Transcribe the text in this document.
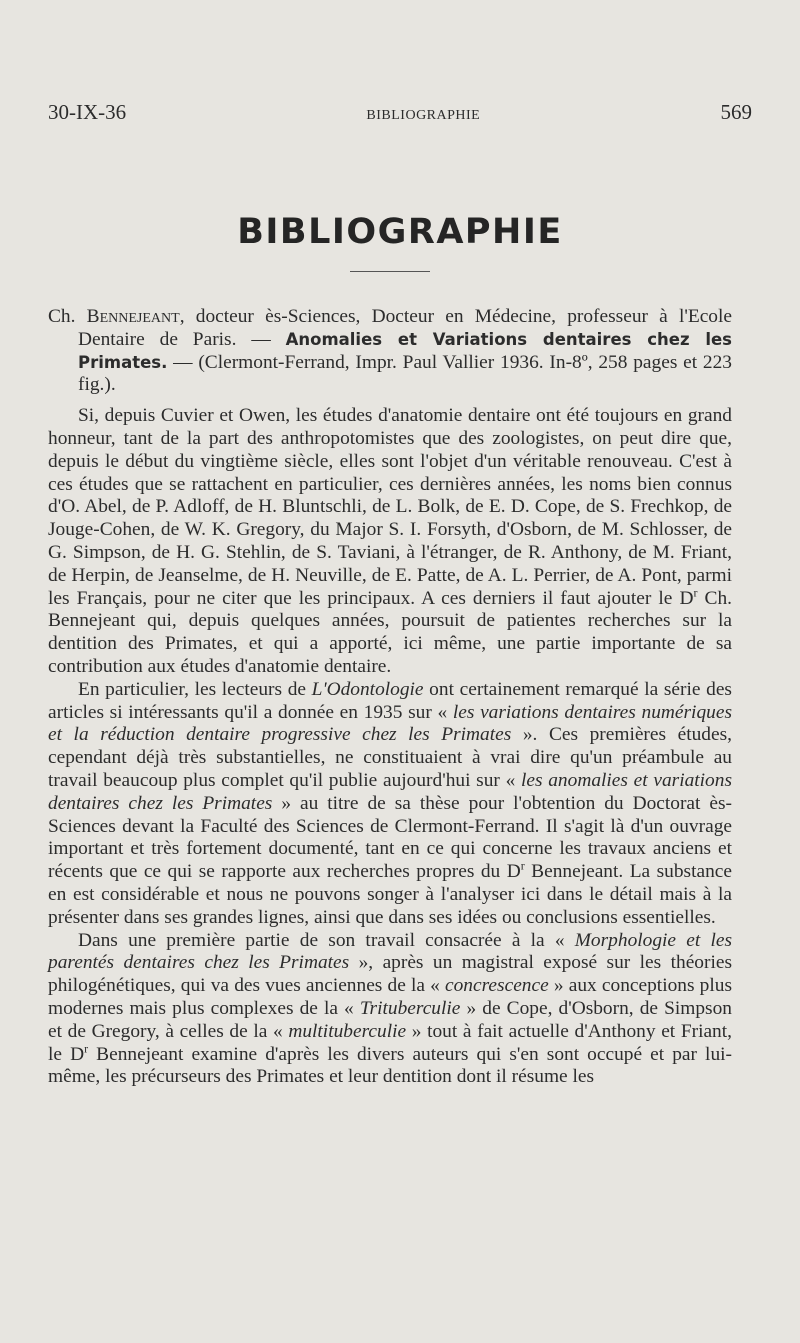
30-IX-36	BIBLIOGRAPHIE	569
BIBLIOGRAPHIE

Ch. Bennejeant, docteur ès-Sciences, Docteur en Médecine, professeur à l'Ecole Dentaire de Paris. — Anomalies et Variations dentaires chez les Primates. — (Clermont-Ferrand, Impr. Paul Vallier 1936. In-8º, 258 pages et 223 fig.).

Si, depuis Cuvier et Owen, les études d'anatomie dentaire ont été toujours en grand honneur, tant de la part des anthropotomistes que des zoologistes, on peut dire que, depuis le début du vingtième siècle, elles sont l'objet d'un véritable renouveau. C'est à ces études que se rattachent en particulier, ces dernières années, les noms bien connus d'O. Abel, de P. Adloff, de H. Bluntschli, de L. Bolk, de E. D. Cope, de S. Frechkop, de Jouge-Cohen, de W. K. Gregory, du Major S. I. Forsyth, d'Osborn, de M. Schlosser, de G. Simpson, de H. G. Stehlin, de S. Taviani, à l'étranger, de R. Anthony, de M. Friant, de Herpin, de Jeanselme, de H. Neuville, de E. Patte, de A. L. Perrier, de A. Pont, parmi les Français, pour ne citer que les principaux. A ces derniers il faut ajouter le $D^r$ Ch. Bennejeant qui, depuis quelques années, poursuit de patientes recherches sur la dentition des Primates, et qui a apporté, ici même, une partie importante de sa contribution aux études d'anatomie dentaire.

En particulier, les lecteurs de L'Odontologie ont certainement remarqué la série des articles si intéressants qu'il a donnée en 1935 sur « les variations dentaires numériques et la réduction dentaire progressive chez les Primates ». Ces premières études, cependant déjà très substantielles, ne constituaient à vrai dire qu'un préambule au travail beaucoup plus complet qu'il publie aujourd'hui sur « les anomalies et variations dentaires chez les Primates » au titre de sa thèse pour l'obtention du Doctorat ès-Sciences devant la Faculté des Sciences de Clermont-Ferrand. Il s'agit là d'un ouvrage important et très fortement documenté, tant en ce qui concerne les travaux anciens et récents que ce qui se rapporte aux recherches propres du $D^r$ Bennejeant. La substance en est considérable et nous ne pouvons songer à l'analyser ici dans le détail mais à la présenter dans ses grandes lignes, ainsi que dans ses idées ou conclusions essentielles.

Dans une première partie de son travail consacrée à la « Morphologie et les parentés dentaires chez les Primates », après un magistral exposé sur les théories philogénétiques, qui va des vues anciennes de la « concrescence » aux conceptions plus modernes mais plus complexes de la « Trituberculie » de Cope, d'Osborn, de Simpson et de Gregory, à celles de la « multituberculie » tout à fait actuelle d'Anthony et Friant, le $D^r$ Bennejeant examine d'après les divers auteurs qui s'en sont occupé et par lui-même, les précurseurs des Primates et leur dentition dont il résume les
